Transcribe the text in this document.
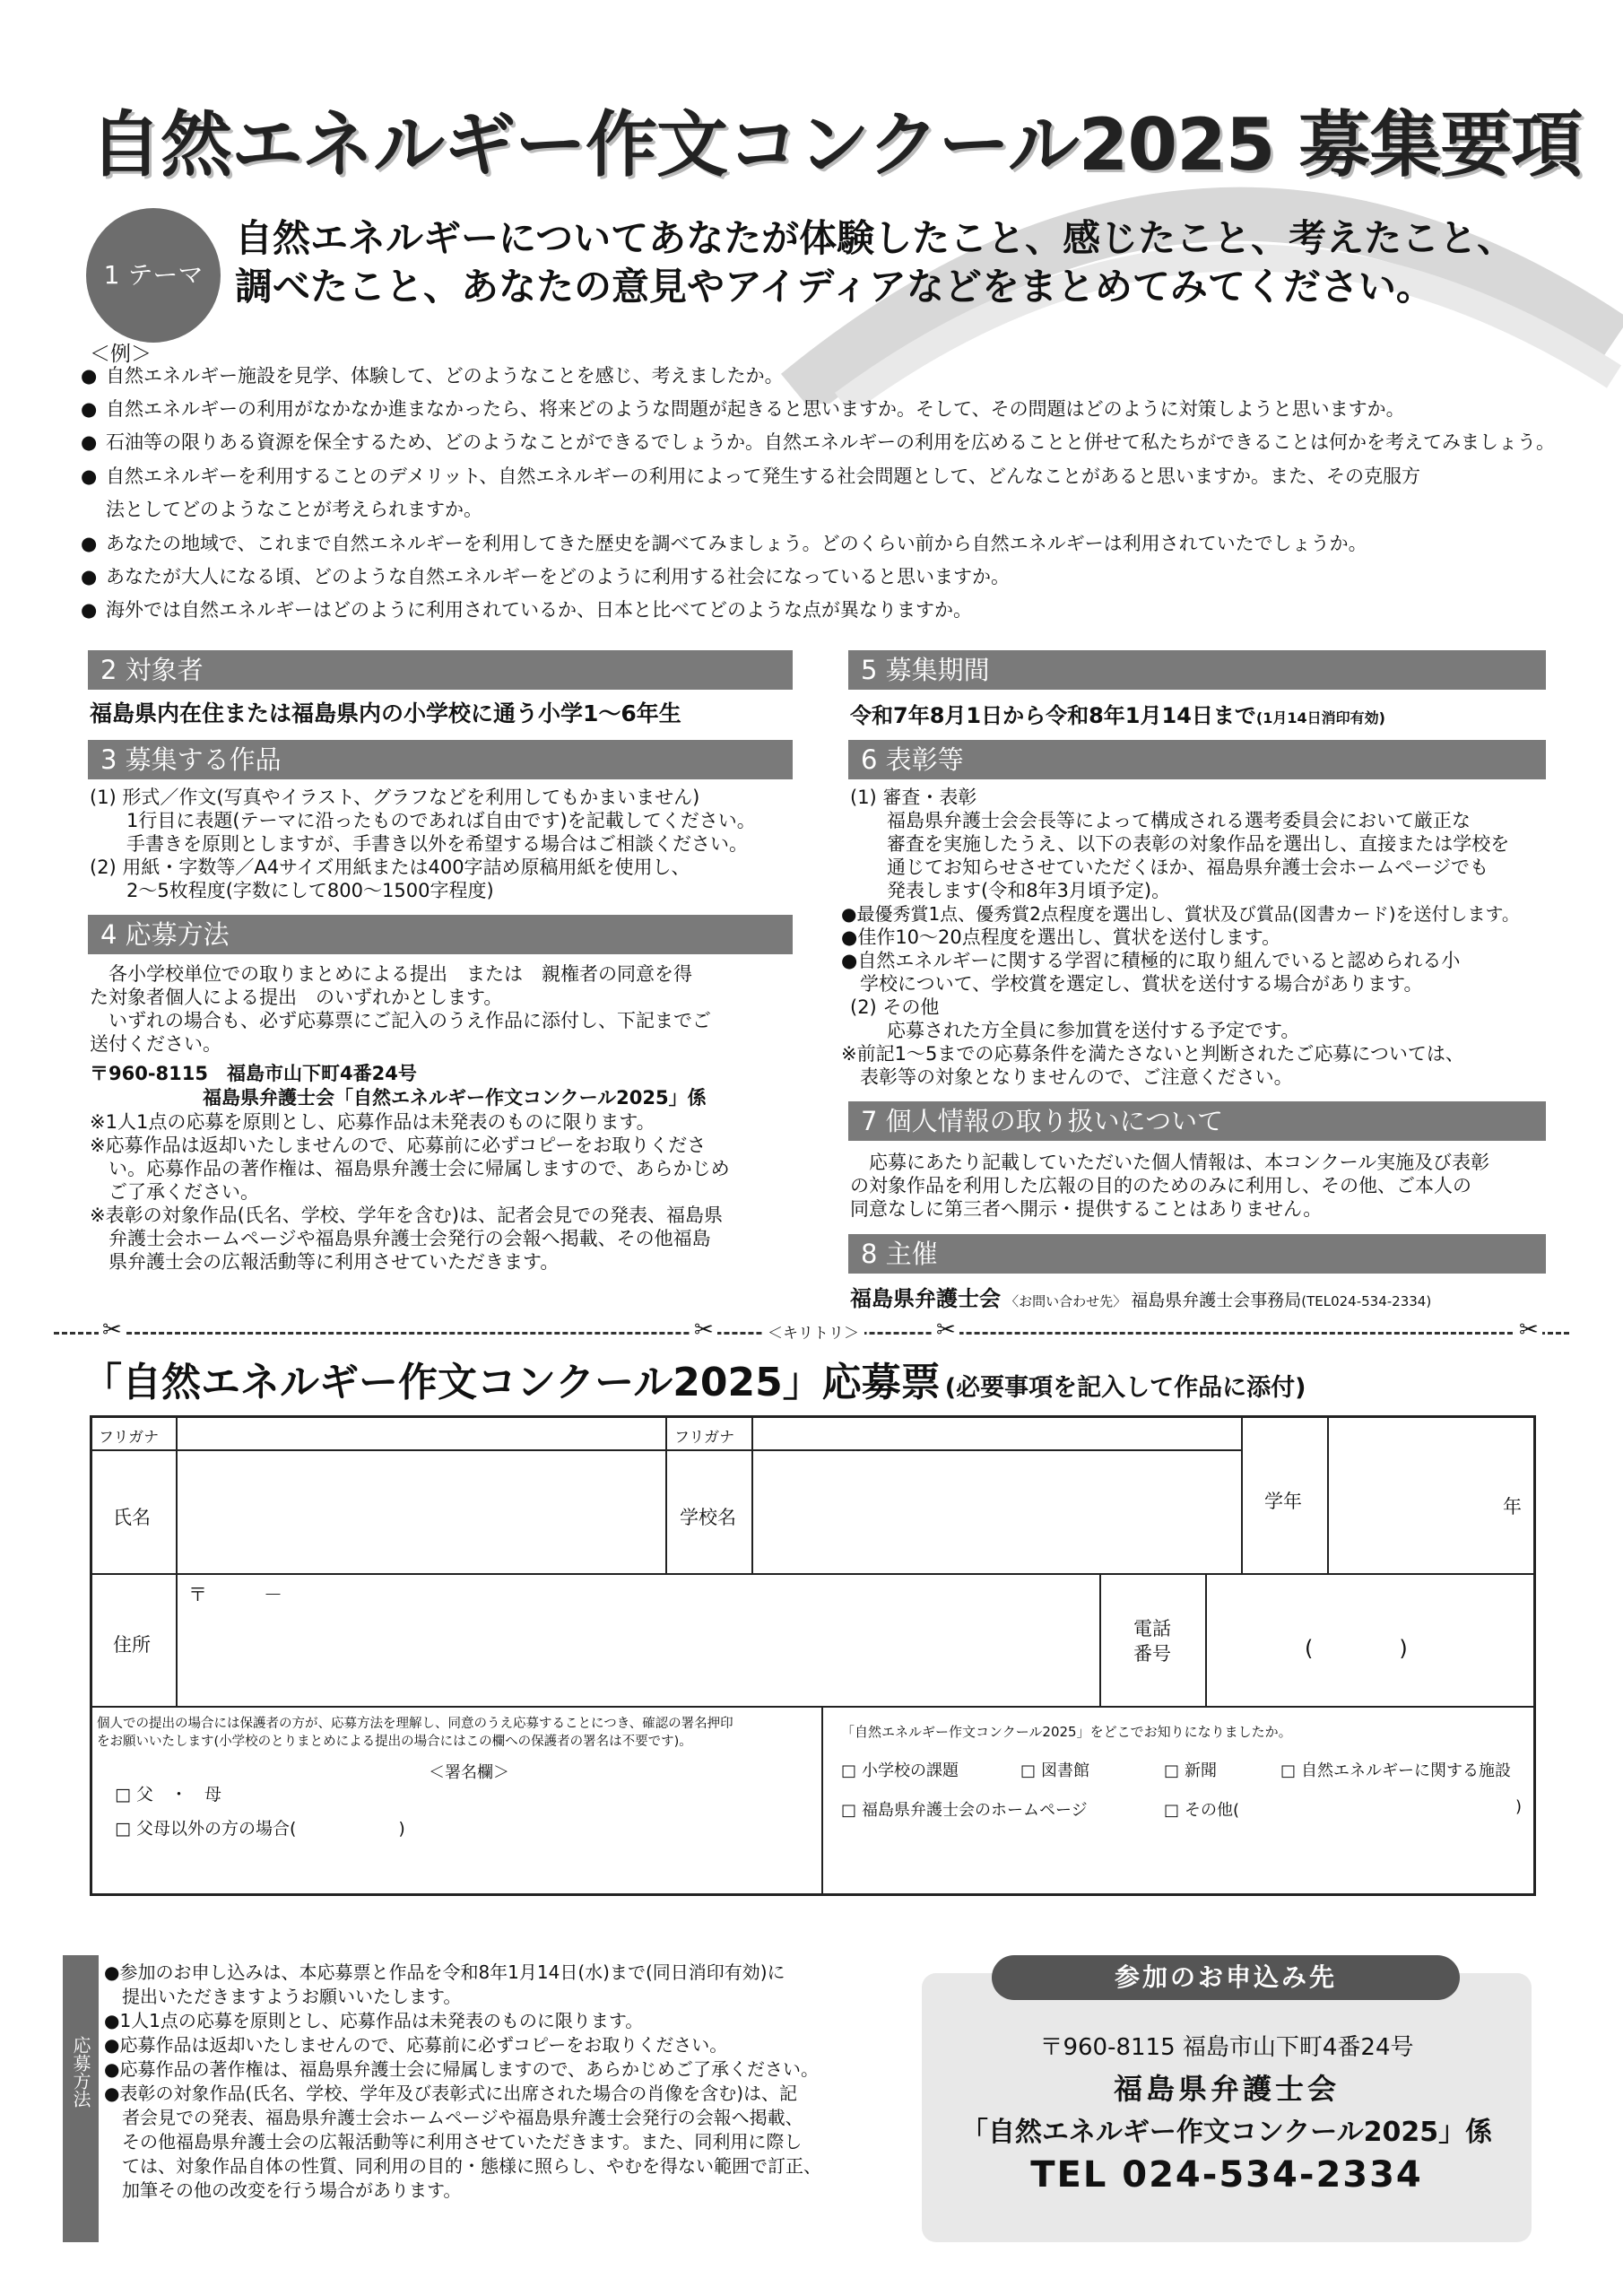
自然エネルギー作文コンクール2025 募集要項
1 テーマ
自然エネルギーについてあなたが体験したこと、感じたこと、考えたこと、
調べたこと、あなたの意見やアイディアなどをまとめてみてください。
＜例＞
● 自然エネルギー施設を見学、体験して、どのようなことを感じ、考えましたか。
● 自然エネルギーの利用がなかなか進まなかったら、将来どのような問題が起きると思いますか。そして、その問題はどのように対策しようと思いますか。
● 石油等の限りある資源を保全するため、どのようなことができるでしょうか。自然エネルギーの利用を広めることと併せて私たちができることは何かを考えてみましょう。
● 自然エネルギーを利用することのデメリット、自然エネルギーの利用によって発生する社会問題として、どんなことがあると思いますか。また、その克服方
法としてどのようなことが考えられますか。
● あなたの地域で、これまで自然エネルギーを利用してきた歴史を調べてみましょう。どのくらい前から自然エネルギーは利用されていたでしょうか。
● あなたが大人になる頃、どのような自然エネルギーをどのように利用する社会になっていると思いますか。
● 海外では自然エネルギーはどのように利用されているか、日本と比べてどのような点が異なりますか。
2 対象者
福島県内在住または福島県内の小学校に通う小学1～6年生
3 募集する作品
(1) 形式／作文(写真やイラスト、グラフなどを利用してもかまいません)
　1行目に表題(テーマに沿ったものであれば自由です)を記載してください。
　手書きを原則としますが、手書き以外を希望する場合はご相談ください。
(2) 用紙・字数等／A4サイズ用紙または400字詰め原稿用紙を使用し、
　2～5枚程度(字数にして800～1500字程度)
4 応募方法
　各小学校単位での取りまとめによる提出　または　親権者の同意を得
た対象者個人による提出　のいずれかとします。
　いずれの場合も、必ず応募票にご記入のうえ作品に添付し、下記までご
送付ください。
〒960-8115　福島市山下町4番24号
　　　　　　福島県弁護士会「自然エネルギー作文コンクール2025」係
※1人1点の応募を原則とし、応募作品は未発表のものに限ります。
※応募作品は返却いたしませんので、応募前に必ずコピーをお取りくださ
　い。応募作品の著作権は、福島県弁護士会に帰属しますので、あらかじめ
　ご了承ください。
※表彰の対象作品(氏名、学校、学年を含む)は、記者会見での発表、福島県
　弁護士会ホームページや福島県弁護士会発行の会報へ掲載、その他福島
　県弁護士会の広報活動等に利用させていただきます。
5 募集期間
令和7年8月1日から令和8年1月14日まで(1月14日消印有効)
6 表彰等
(1) 審査・表彰
　福島県弁護士会会長等によって構成される選考委員会において厳正な
　審査を実施したうえ、以下の表彰の対象作品を選出し、直接または学校を
　通じてお知らせさせていただくほか、福島県弁護士会ホームページでも
　発表します(令和8年3月頃予定)。
●最優秀賞1点、優秀賞2点程度を選出し、賞状及び賞品(図書カード)を送付します。
●佳作10～20点程度を選出し、賞状を送付します。
●自然エネルギーに関する学習に積極的に取り組んでいると認められる小
　学校について、学校賞を選定し、賞状を送付する場合があります。
(2) その他
　応募された方全員に参加賞を送付する予定です。
※前記1～5までの応募条件を満たさないと判断されたご応募については、
　表彰等の対象となりませんので、ご注意ください。
7 個人情報の取り扱いについて
　応募にあたり記載していただいた個人情報は、本コンクール実施及び表彰
の対象作品を利用した広報の目的のためのみに利用し、その他、ご本人の
同意なしに第三者へ開示・提供することはありません。
8 主催
福島県弁護士会 〈お問い合わせ先〉 福島県弁護士会事務局(TEL024-534-2334)
✂	✂	＜キリトリ＞	✂	✂
「自然エネルギー作文コンクール2025」応募票 (必要事項を記入して作品に添付)
フリガナ
氏名
フリガナ
学校名
学年	年
住所
〒　　　－
電話
番号	(　　　　)
個人での提出の場合には保護者の方が、応募方法を理解し、同意のうえ応募することにつき、確認の署名押印
をお願いいたします(小学校のとりまとめによる提出の場合にはこの欄への保護者の署名は不要です)。
＜署名欄＞
□ 父　・　母
□ 父母以外の方の場合(　　　　　　)
「自然エネルギー作文コンクール2025」をどこでお知りになりましたか。
□ 小学校の課題	□ 図書館	□ 新聞	□ 自然エネルギーに関する施設
□ 福島県弁護士会のホームページ	□ その他(	)
応募方法
●参加のお申し込みは、本応募票と作品を令和8年1月14日(水)まで(同日消印有効)に
　提出いただきますようお願いいたします。
●1人1点の応募を原則とし、応募作品は未発表のものに限ります。
●応募作品は返却いたしませんので、応募前に必ずコピーをお取りください。
●応募作品の著作権は、福島県弁護士会に帰属しますので、あらかじめご了承ください。
●表彰の対象作品(氏名、学校、学年及び表彰式に出席された場合の肖像を含む)は、記
　者会見での発表、福島県弁護士会ホームページや福島県弁護士会発行の会報へ掲載、
　その他福島県弁護士会の広報活動等に利用させていただきます。また、同利用に際し
　ては、対象作品自体の性質、同利用の目的・態様に照らし、やむを得ない範囲で訂正、
　加筆その他の改変を行う場合があります。
参加のお申込み先
〒960-8115 福島市山下町4番24号
福島県弁護士会
「自然エネルギー作文コンクール2025」係
TEL 024-534-2334
